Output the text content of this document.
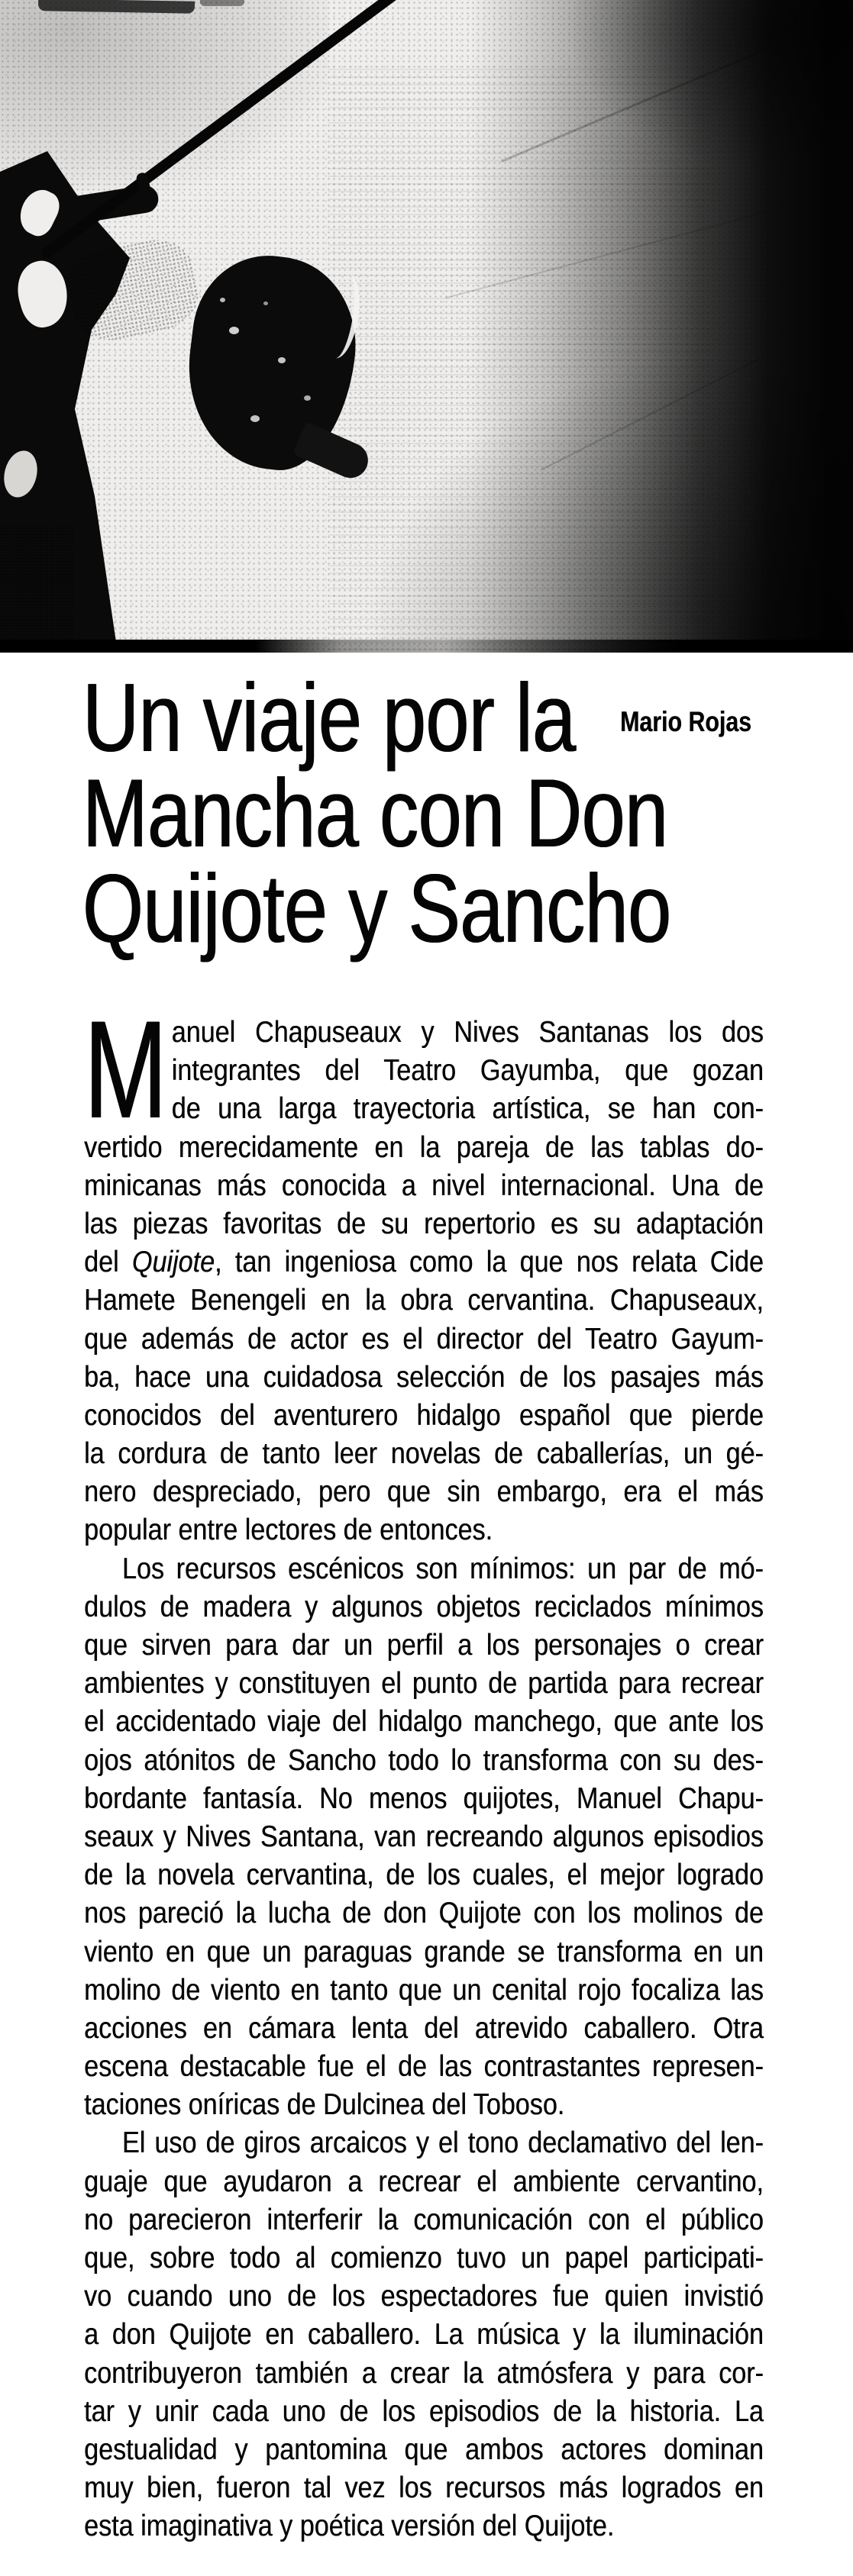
Un viaje por la
Mancha con Don
Quijote y Sancho
Mario Rojas
M anuel Chapuseaux y Nives Santanas los dos
integrantes del Teatro Gayumba, que gozan
de una larga trayectoria artística, se han con-
vertido merecidamente en la pareja de las tablas do-
minicanas más conocida a nivel internacional. Una de
las piezas favoritas de su repertorio es su adaptación
del Quijote, tan ingeniosa como la que nos relata Cide
Hamete Benengeli en la obra cervantina. Chapuseaux,
que además de actor es el director del Teatro Gayum-
ba, hace una cuidadosa selección de los pasajes más
conocidos del aventurero hidalgo español que pierde
la cordura de tanto leer novelas de caballerías, un gé-
nero despreciado, pero que sin embargo, era el más
popular entre lectores de entonces.
Los recursos escénicos son mínimos: un par de mó-
dulos de madera y algunos objetos reciclados mínimos
que sirven para dar un perfil a los personajes o crear
ambientes y constituyen el punto de partida para recrear
el accidentado viaje del hidalgo manchego, que ante los
ojos atónitos de Sancho todo lo transforma con su des-
bordante fantasía. No menos quijotes, Manuel Chapu-
seaux y Nives Santana, van recreando algunos episodios
de la novela cervantina, de los cuales, el mejor logrado
nos pareció la lucha de don Quijote con los molinos de
viento en que un paraguas grande se transforma en un
molino de viento en tanto que un cenital rojo focaliza las
acciones en cámara lenta del atrevido caballero. Otra
escena destacable fue el de las contrastantes represen-
taciones oníricas de Dulcinea del Toboso.
El uso de giros arcaicos y el tono declamativo del len-
guaje que ayudaron a recrear el ambiente cervantino,
no parecieron interferir la comunicación con el público
que, sobre todo al comienzo tuvo un papel participati-
vo cuando uno de los espectadores fue quien invistió
a don Quijote en caballero. La música y la iluminación
contribuyeron también a crear la atmósfera y para cor-
tar y unir cada uno de los episodios de la historia. La
gestualidad y pantomina que ambos actores dominan
muy bien, fueron tal vez los recursos más logrados en
esta imaginativa y poética versión del Quijote.
